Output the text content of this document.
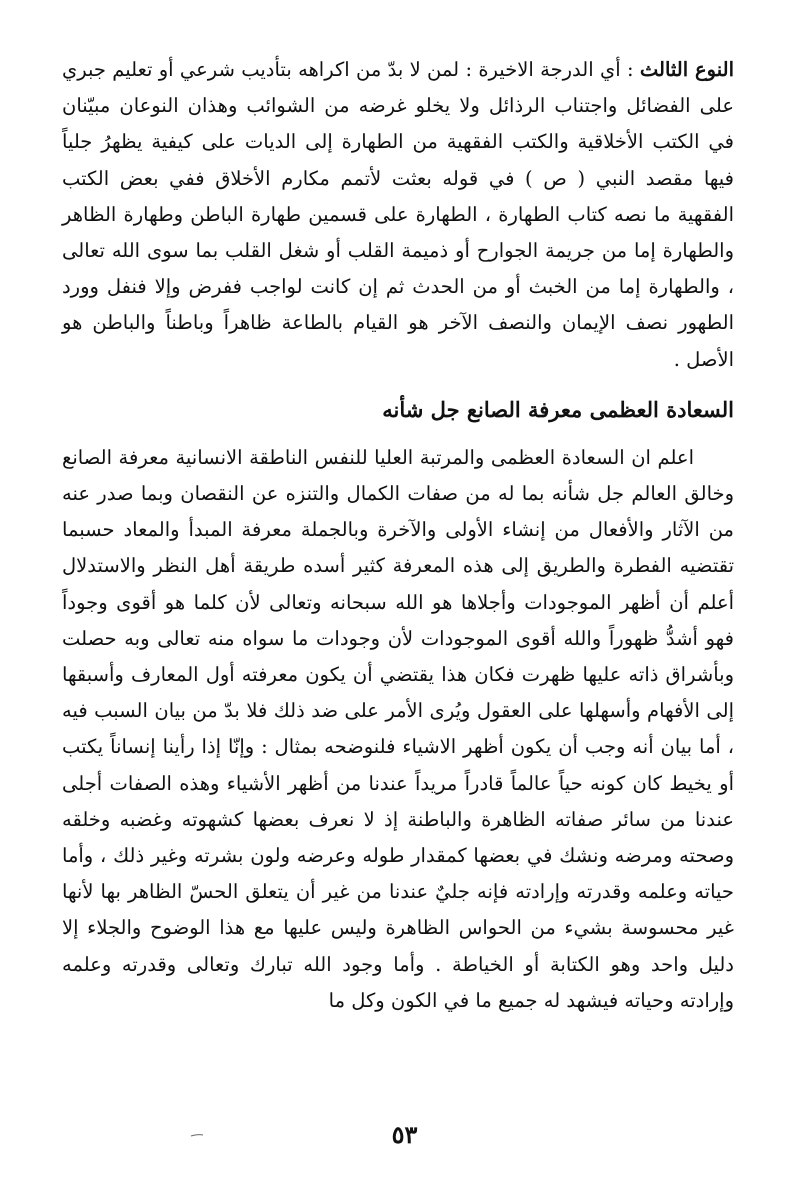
النوع الثالث : أي الدرجة الاخيرة : لمن لا بدّ من اكراهه بتأديب شرعي أو تعليم جبري على الفضائل واجتناب الرذائل ولا يخلو غرضه من الشوائب وهذان النوعان مبيّنان في الكتب الأخلاقية والكتب الفقهية من الطهارة إلى الديات على كيفية يظهرُ جلياً فيها مقصد النبي ( ص ) في قوله بعثت لأتمم مكارم الأخلاق ففي بعض الكتب الفقهية ما نصه كتاب الطهارة ، الطهارة على قسمين طهارة الباطن وطهارة الظاهر والطهارة إما من جريمة الجوارح أو ذميمة القلب أو شغل القلب بما سوى الله تعالى ، والطهارة إما من الخبث أو من الحدث ثم إن كانت لواجب ففرض وإلا فنفل وورد الطهور نصف الإيمان والنصف الآخر هو القيام بالطاعة ظاهراً وباطناً والباطن هو الأصل .

السعادة العظمى معرفة الصانع جل شأنه

اعلم ان السعادة العظمى والمرتبة العليا للنفس الناطقة الانسانية معرفة الصانع وخالق العالم جل شأنه بما له من صفات الكمال والتنزه عن النقصان وبما صدر عنه من الآثار والأفعال من إنشاء الأولى والآخرة وبالجملة معرفة المبدأ والمعاد حسبما تقتضيه الفطرة والطريق إلى هذه المعرفة كثير أسده طريقة أهل النظر والاستدلال أعلم أن أظهر الموجودات وأجلاها هو الله سبحانه وتعالى لأن كلما هو أقوى وجوداً فهو أشدُّ ظهوراً والله أقوى الموجودات لأن وجودات ما سواه منه تعالى وبه حصلت وبأشراق ذاته عليها ظهرت فكان هذا يقتضي أن يكون معرفته أول المعارف وأسبقها إلى الأفهام وأسهلها على العقول ويُرى الأمر على ضد ذلك فلا بدّ من بيان السبب فيه ، أما بيان أنه وجب أن يكون أظهر الاشياء فلنوضحه بمثال : وإنّا إذا رأينا إنساناً يكتب أو يخيط كان كونه حياً عالماً قادراً مريداً عندنا من أظهر الأشياء وهذه الصفات أجلى عندنا من سائر صفاته الظاهرة والباطنة إذ لا نعرف بعضها كشهوته وغضبه وخلقه وصحته ومرضه ونشك في بعضها كمقدار طوله وعرضه ولون بشرته وغير ذلك ، وأما حياته وعلمه وقدرته وإرادته فإنه جليٌ عندنا من غير أن يتعلق الحسّ الظاهر بها لأنها غير محسوسة بشيء من الحواس الظاهرة وليس عليها مع هذا الوضوح والجلاء إلا دليل واحد وهو الكتابة أو الخياطة . وأما وجود الله تبارك وتعالى وقدرته وعلمه وإرادته وحياته فيشهد له جميع ما في الكون وكل ما

٥٣
